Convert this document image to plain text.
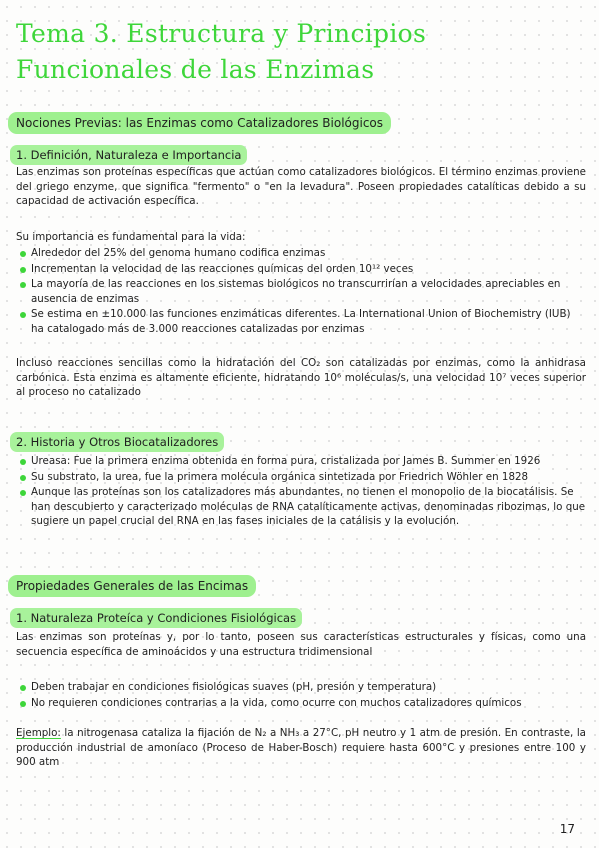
Tema 3. Estructura y Principios Funcionales de las Enzimas
Nociones Previas: las Enzimas como Catalizadores Biológicos
1. Definición, Naturaleza e Importancia

Las enzimas son proteínas específicas que actúan como catalizadores biológicos. El término enzimas proviene del griego enzyme, que significa "fermento" o "en la levadura". Poseen propiedades catalíticas debido a su capacidad de activación específica.

Su importancia es fundamental para la vida:

Alrededor del 25% del genoma humano codifica enzimas
Incrementan la velocidad de las reacciones químicas del orden 10¹² veces
La mayoría de las reacciones en los sistemas biológicos no transcurrirían a velocidades apreciables en ausencia de enzimas
Se estima en ±10.000 las funciones enzimáticas diferentes. La International Union of Biochemistry (IUB) ha catalogado más de 3.000 reacciones catalizadas por enzimas

Incluso reacciones sencillas como la hidratación del CO₂ son catalizadas por enzimas, como la anhidrasa carbónica. Esta enzima es altamente eficiente, hidratando 10⁶ moléculas/s, una velocidad 10⁷ veces superior al proceso no catalizado

2. Historia y Otros Biocatalizadores
Ureasa: Fue la primera enzima obtenida en forma pura, cristalizada por James B. Summer en 1926
Su substrato, la urea, fue la primera molécula orgánica sintetizada por Friedrich Wöhler en 1828
Aunque las proteínas son los catalizadores más abundantes, no tienen el monopolio de la biocatálisis. Se han descubierto y caracterizado moléculas de RNA catalíticamente activas, denominadas ribozimas, lo que sugiere un papel crucial del RNA en las fases iniciales de la catálisis y la evolución.
Propiedades Generales de las Encimas
1. Naturaleza Proteíca y Condiciones Fisiológicas

Las enzimas son proteínas y, por lo tanto, poseen sus características estructurales y físicas, como una secuencia específica de aminoácidos y una estructura tridimensional

Deben trabajar en condiciones fisiológicas suaves (pH, presión y temperatura)
No requieren condiciones contrarias a la vida, como ocurre con muchos catalizadores químicos

Ejemplo: la nitrogenasa cataliza la fijación de N₂ a NH₃ a 27°C, pH neutro y 1 atm de presión. En contraste, la producción industrial de amoníaco (Proceso de Haber-Bosch) requiere hasta 600°C y presiones entre 100 y 900 atm

17
